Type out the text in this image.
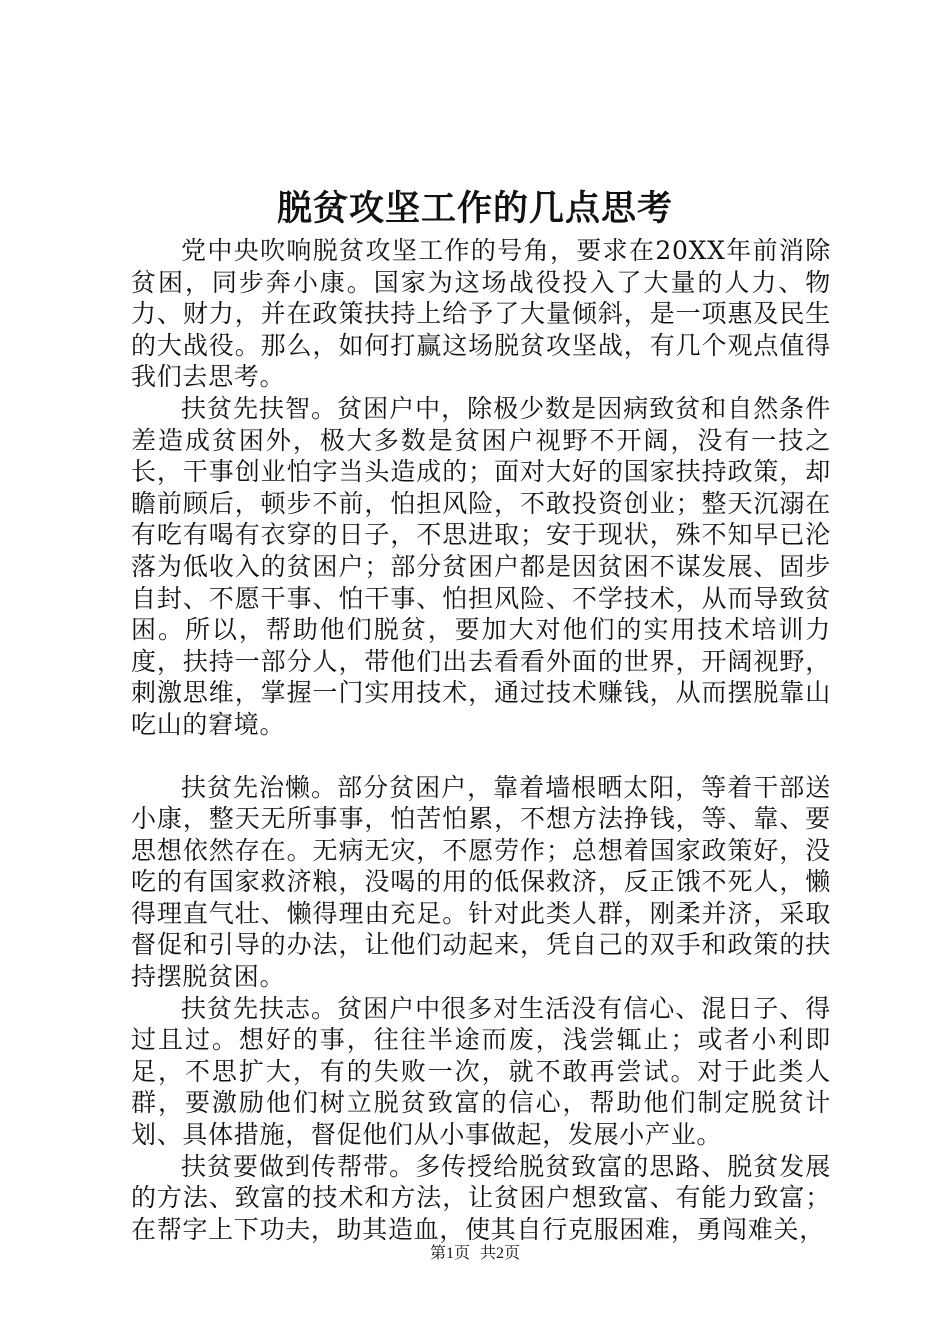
脱贫攻坚工作的几点思考

党中央吹响脱贫攻坚工作的号角，要求在20XX年前消除贫困，同步奔小康。国家为这场战役投入了大量的人力、物力、财力，并在政策扶持上给予了大量倾斜，是一项惠及民生的大战役。那么，如何打赢这场脱贫攻坚战，有几个观点值得我们去思考。

扶贫先扶智。贫困户中，除极少数是因病致贫和自然条件差造成贫困外，极大多数是贫困户视野不开阔，没有一技之长，干事创业怕字当头造成的；面对大好的国家扶持政策，却瞻前顾后，顿步不前，怕担风险，不敢投资创业；整天沉溺在有吃有喝有衣穿的日子，不思进取；安于现状，殊不知早已沦落为低收入的贫困户；部分贫困户都是因贫困不谋发展、固步自封、不愿干事、怕干事、怕担风险、不学技术，从而导致贫困。所以，帮助他们脱贫，要加大对他们的实用技术培训力度，扶持一部分人，带他们出去看看外面的世界，开阔视野，刺激思维，掌握一门实用技术，通过技术赚钱，从而摆脱靠山吃山的窘境。

扶贫先治懒。部分贫困户，靠着墙根晒太阳，等着干部送小康，整天无所事事，怕苦怕累，不想方法挣钱，等、靠、要思想依然存在。无病无灾，不愿劳作；总想着国家政策好，没吃的有国家救济粮，没喝的用的低保救济，反正饿不死人，懒得理直气壮、懒得理由充足。针对此类人群，刚柔并济，采取督促和引导的办法，让他们动起来，凭自己的双手和政策的扶持摆脱贫困。

扶贫先扶志。贫困户中很多对生活没有信心、混日子、得过且过。想好的事，往往半途而废，浅尝辄止；或者小利即足，不思扩大，有的失败一次，就不敢再尝试。对于此类人群，要激励他们树立脱贫致富的信心，帮助他们制定脱贫计划、具体措施，督促他们从小事做起，发展小产业。

扶贫要做到传帮带。多传授给脱贫致富的思路、脱贫发展的方法、致富的技术和方法，让贫困户想致富、有能力致富；在帮字上下功夫，助其造血，使其自行克服困难，勇闯难关，

第1页 共2页
